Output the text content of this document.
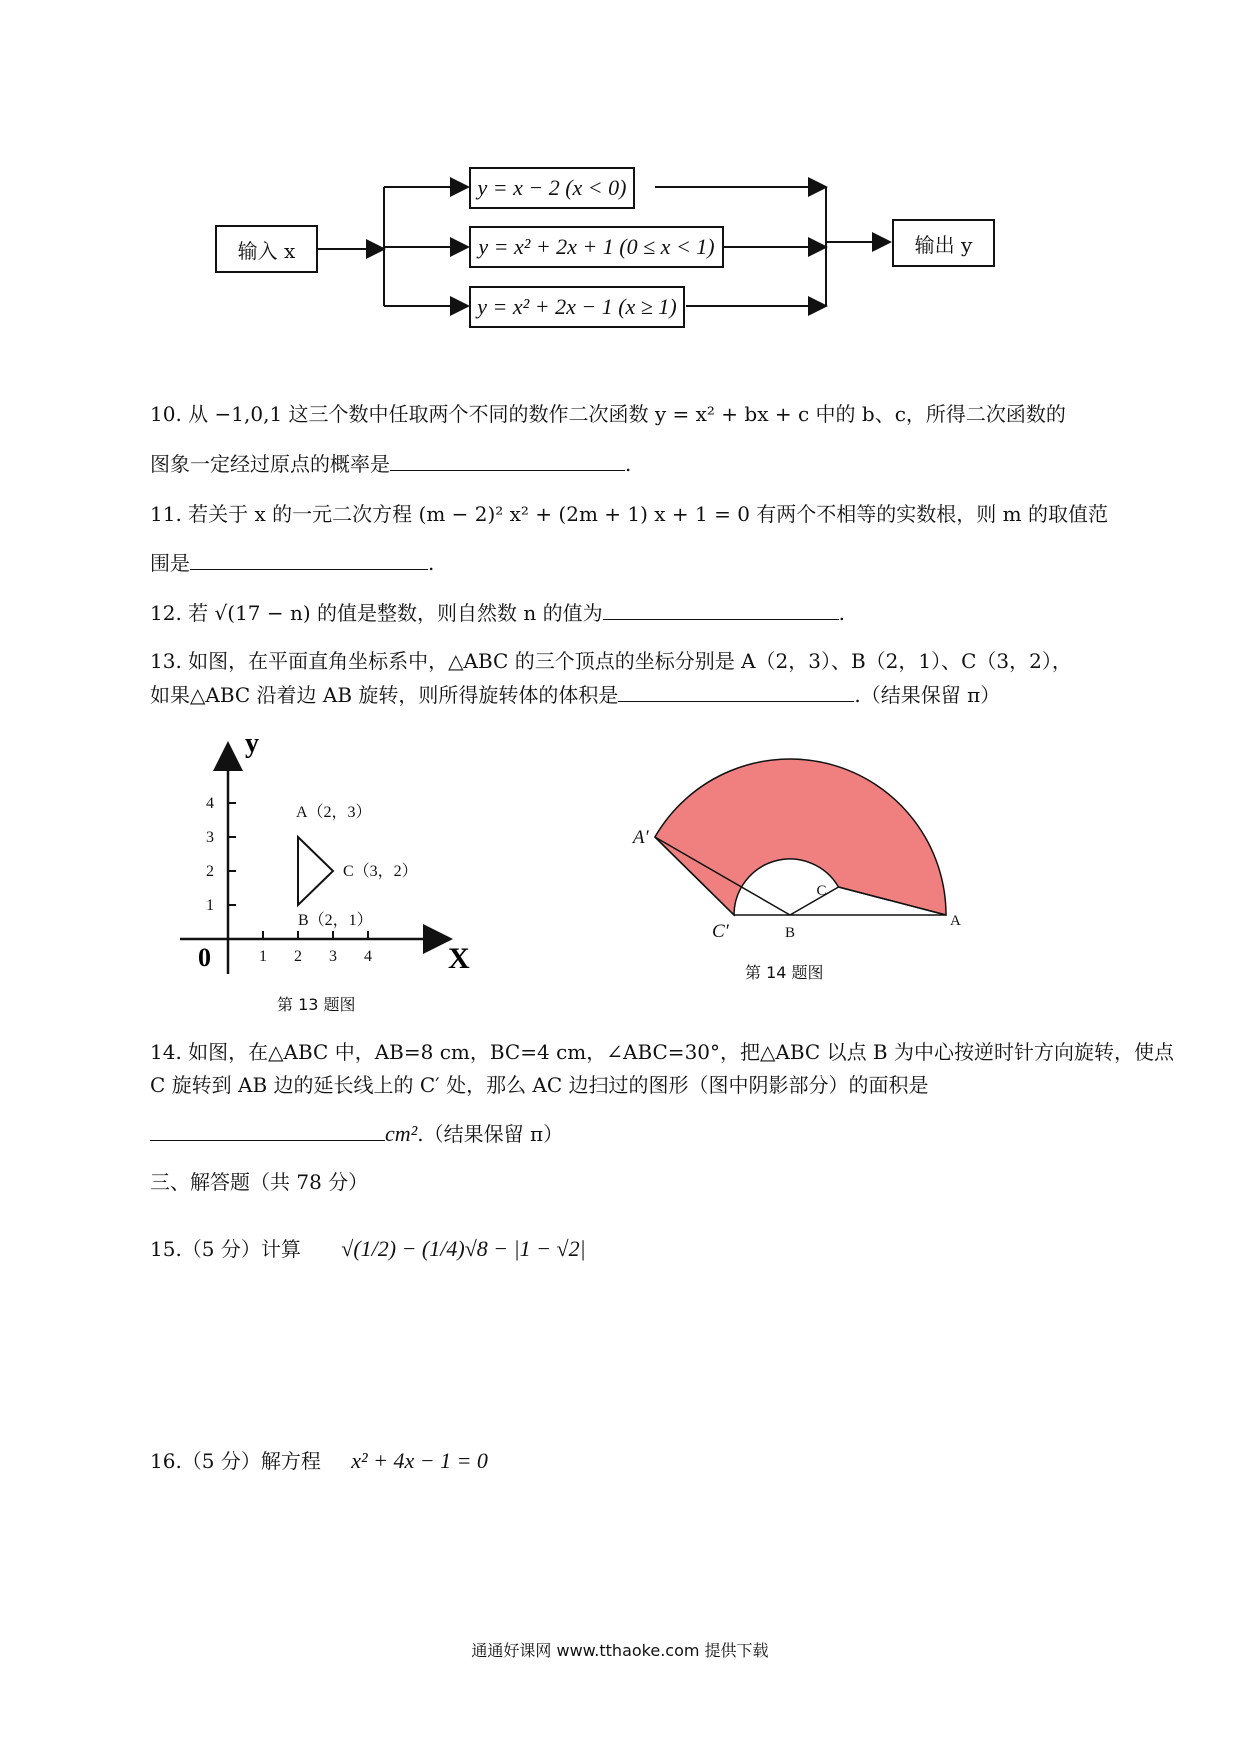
输入 x
y = x − 2 (x < 0)
y = x² + 2x + 1 (0 ≤ x < 1)
y = x² + 2x − 1 (x ≥ 1)
输出 y
10. 从 −1,0,1 这三个数中任取两个不同的数作二次函数 y = x² + bx + c 中的 b、c，所得二次函数的
图象一定经过原点的概率是	.
11. 若关于 x 的一元二次方程 (m − 2)² x² + (2m + 1) x + 1 = 0 有两个不相等的实数根，则 m 的取值范
围是	.
12. 若 √(17 − n) 的值是整数，则自然数 n 的值为	.
13. 如图，在平面直角坐标系中，△ABC 的三个顶点的坐标分别是 A（2，3）、B（2，1）、C（3，2），
如果△ABC 沿着边 AB 旋转，则所得旋转体的体积是	.（结果保留 π）
1 2 3 4
1
2
3
4
A（2，3）
B（2，1）
C（3，2）
X
y
0
第 13 题图
A′
C′	B
C
A
第 14 题图
14. 如图，在△ABC 中，AB=8 cm，BC=4 cm，∠ABC=30°，把△ABC 以点 B 为中心按逆时针方向旋转，使点
C 旋转到 AB 边的延长线上的 C′ 处，那么 AC 边扫过的图形（图中阴影部分）的面积是
cm².（结果保留 π）
三、解答题（共 78 分）
15.（5 分）计算 √(1/2) − (1/4)√8 − |1 − √2|
16.（5 分）解方程 x² + 4x − 1 = 0
通通好课网 www.tthaoke.com 提供下载
